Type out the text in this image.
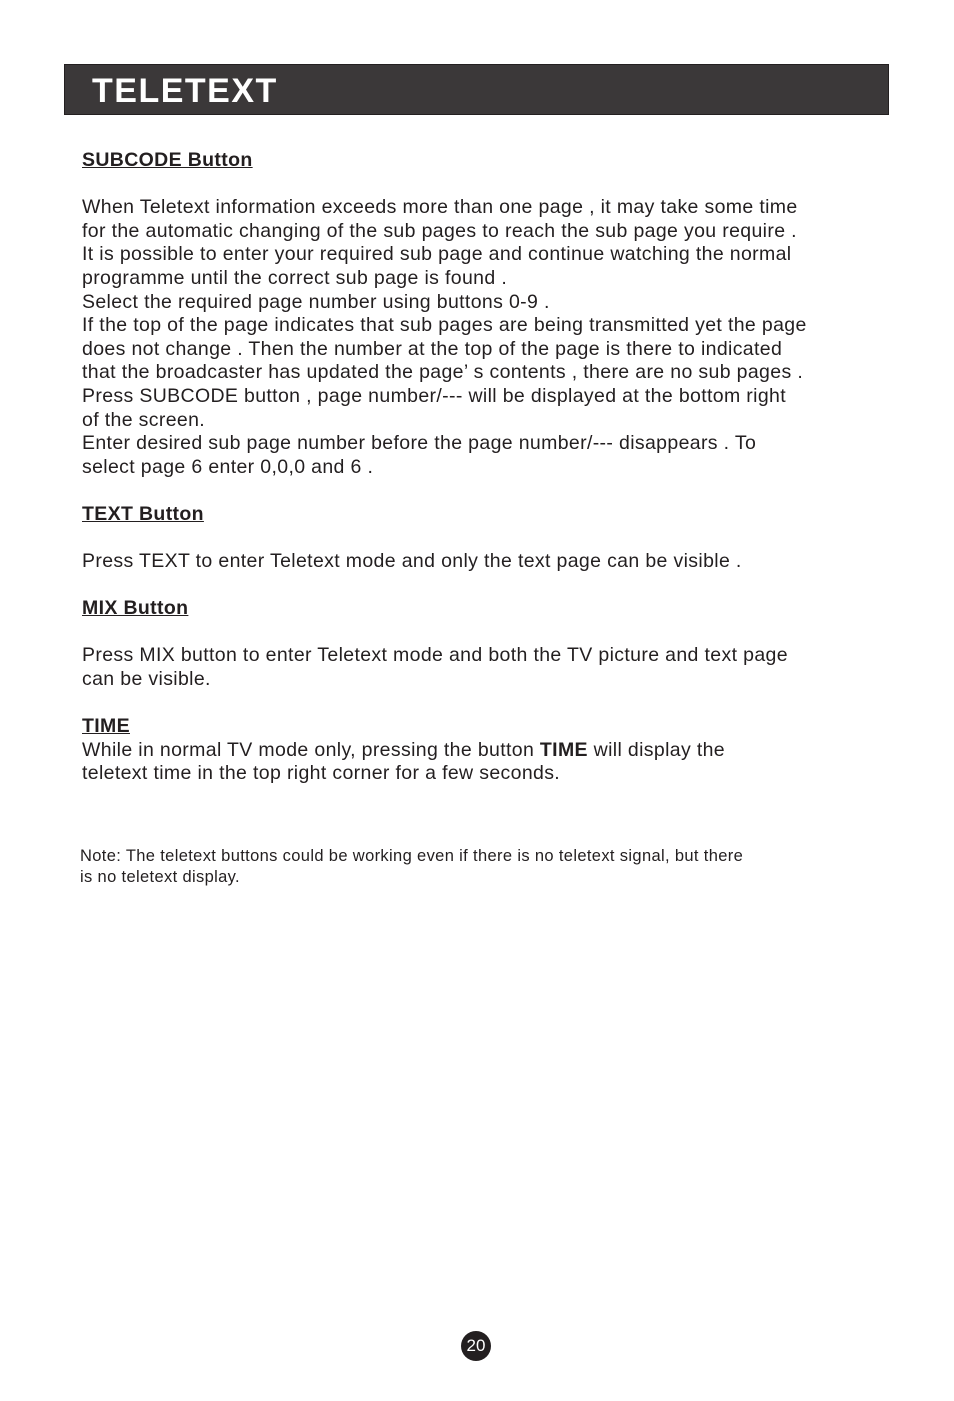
TELETEXT
SUBCODE Button
When Teletext information exceeds more than one page , it may take some time
for the automatic changing of the sub pages to reach the sub page you require .
It is possible to enter your required sub page and continue watching the normal
programme until the correct sub page is found .
Select the required page number using buttons 0-9 .
If the top of the page indicates that sub pages are being transmitted yet the page
does not change . Then the number at the top of the page is there to indicated
that the broadcaster has updated the page’ s contents , there are no sub pages .
Press SUBCODE button , page number/--- will be displayed at the bottom right
of the screen.
Enter desired sub page number before the page number/--- disappears . To
select page 6 enter 0,0,0 and 6 .
TEXT Button
Press TEXT to enter Teletext mode and only the text page can be visible .
MIX Button
Press MIX button to enter Teletext mode and both the TV picture and text page
can be visible.
TIME
While in normal TV mode only, pressing the button TIME will display the
teletext time in the top right corner for a few seconds.
Note: The teletext buttons could be working even if there is no teletext signal, but there
is no teletext display.
20
